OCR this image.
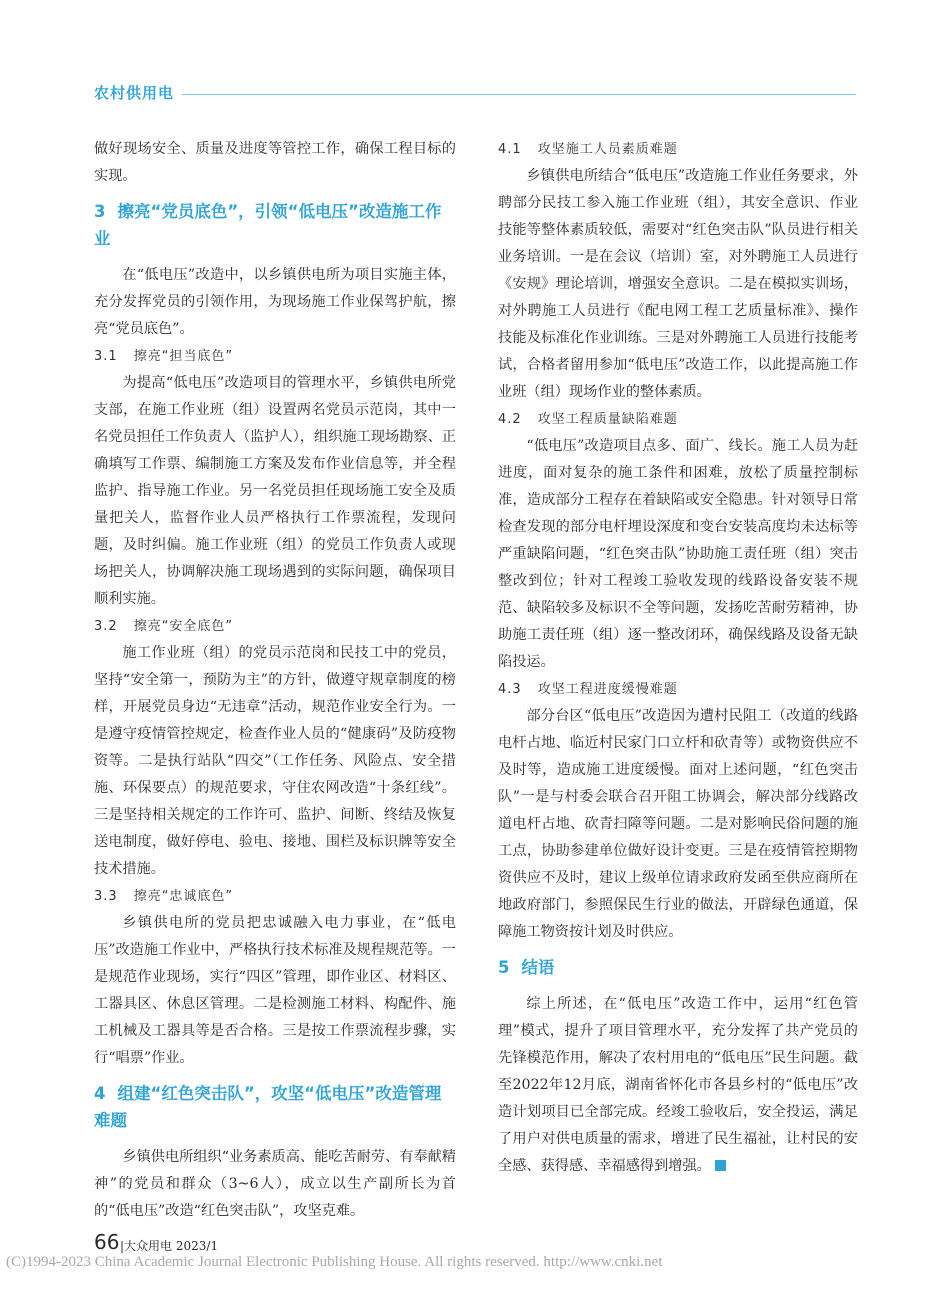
农村供用电

做好现场安全、质量及进度等管控工作，确保工程目标的实现。

3 擦亮“党员底色”，引领“低电压”改造施工作业

在“低电压”改造中，以乡镇供电所为项目实施主体，充分发挥党员的引领作用，为现场施工作业保驾护航，擦亮“党员底色”。

3.1 擦亮“担当底色”

为提高“低电压”改造项目的管理水平，乡镇供电所党支部，在施工作业班（组）设置两名党员示范岗，其中一名党员担任工作负责人（监护人），组织施工现场勘察、正确填写工作票、编制施工方案及发布作业信息等，并全程监护、指导施工作业。另一名党员担任现场施工安全及质量把关人，监督作业人员严格执行工作票流程，发现问题，及时纠偏。施工作业班（组）的党员工作负责人或现场把关人，协调解决施工现场遇到的实际问题，确保项目顺利实施。

3.2 擦亮“安全底色”

施工作业班（组）的党员示范岗和民技工中的党员，坚持“安全第一，预防为主”的方针，做遵守规章制度的榜样，开展党员身边“无违章”活动，规范作业安全行为。一是遵守疫情管控规定，检查作业人员的“健康码”及防疫物资等。二是执行站队“四交”（工作任务、风险点、安全措施、环保要点）的规范要求，守住农网改造“十条红线”。三是坚持相关规定的工作许可、监护、间断、终结及恢复送电制度，做好停电、验电、接地、围栏及标识牌等安全技术措施。

3.3 擦亮“忠诚底色”

乡镇供电所的党员把忠诚融入电力事业，在“低电压”改造施工作业中，严格执行技术标准及规程规范等。一是规范作业现场，实行“四区”管理，即作业区、材料区、工器具区、休息区管理。二是检测施工材料、构配件、施工机械及工器具等是否合格。三是按工作票流程步骤，实行“唱票”作业。

4 组建“红色突击队”，攻坚“低电压”改造管理难题

乡镇供电所组织“业务素质高、能吃苦耐劳、有奉献精神”的党员和群众（3~6人），成立以生产副所长为首的“低电压”改造“红色突击队”，攻坚克难。

4.1 攻坚施工人员素质难题

乡镇供电所结合“低电压”改造施工作业任务要求，外聘部分民技工参入施工作业班（组），其安全意识、作业技能等整体素质较低，需要对“红色突击队”队员进行相关业务培训。一是在会议（培训）室，对外聘施工人员进行《安规》理论培训，增强安全意识。二是在模拟实训场，对外聘施工人员进行《配电网工程工艺质量标准》、操作技能及标准化作业训练。三是对外聘施工人员进行技能考试，合格者留用参加“低电压”改造工作，以此提高施工作业班（组）现场作业的整体素质。

4.2 攻坚工程质量缺陷难题

“低电压”改造项目点多、面广、线长。施工人员为赶进度，面对复杂的施工条件和困难，放松了质量控制标准，造成部分工程存在着缺陷或安全隐患。针对领导日常检查发现的部分电杆埋设深度和变台安装高度均未达标等严重缺陷问题，“红色突击队”协助施工责任班（组）突击整改到位；针对工程竣工验收发现的线路设备安装不规范、缺陷较多及标识不全等问题，发扬吃苦耐劳精神，协助施工责任班（组）逐一整改闭环，确保线路及设备无缺陷投运。

4.3 攻坚工程进度缓慢难题

部分台区“低电压”改造因为遭村民阻工（改道的线路电杆占地、临近村民家门口立杆和砍青等）或物资供应不及时等，造成施工进度缓慢。面对上述问题，“红色突击队”一是与村委会联合召开阻工协调会，解决部分线路改道电杆占地、砍青扫障等问题。二是对影响民俗问题的施工点，协助参建单位做好设计变更。三是在疫情管控期物资供应不及时，建议上级单位请求政府发函至供应商所在地政府部门，参照保民生行业的做法，开辟绿色通道，保障施工物资按计划及时供应。

5 结语

综上所述，在“低电压”改造工作中，运用“红色管理”模式，提升了项目管理水平，充分发挥了共产党员的先锋模范作用，解决了农村用电的“低电压”民生问题。截至2022年12月底，湖南省怀化市各县乡村的“低电压”改造计划项目已全部完成。经竣工验收后，安全投运，满足了用户对供电质量的需求，增进了民生福祉，让村民的安全感、获得感、幸福感得到增强。

66 |大众用电 2023/1
(C)1994-2023 China Academic Journal Electronic Publishing House. All rights reserved. http://www.cnki.net
